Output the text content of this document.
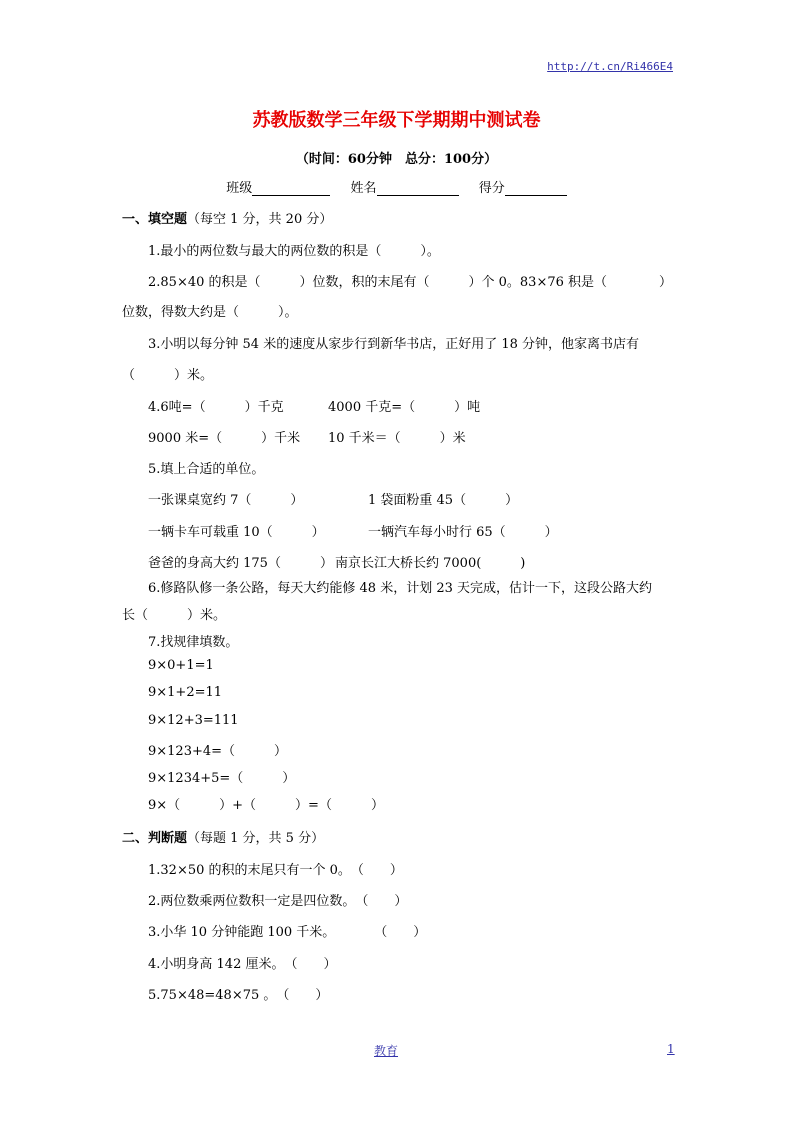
http://t.cn/Ri466E4
苏教版数学三年级下学期期中测试卷
（时间：60分钟　总分：100分）
班级	姓名	得分
一、填空题（每空 1 分，共 20 分）
1.最小的两位数与最大的两位数的积是（　　　）。
2.85×40 的积是（　　　）位数，积的末尾有（　　　）个 0。83×76 积是（　　　　）
位数，得数大约是（　　　）。
3.小明以每分钟 54 米的速度从家步行到新华书店，正好用了 18 分钟，他家离书店有
（　　　）米。
4.6吨=（　　　）千克	4000 千克=（　　　）吨
9000 米=（　　　）千米 10 千米＝（　　　）米
5.填上合适的单位。
一张课桌宽约 7（　　　）	1 袋面粉重 45（　　　）
一辆卡车可载重 10（　　　）	一辆汽车每小时行 65（　　　）
爸爸的身高大约 175（　　　） 南京长江大桥长约 7000(　　　)
6.修路队修一条公路，每天大约能修 48 米，计划 23 天完成，估计一下，这段公路大约
长（　　　）米。
7.找规律填数。
9×0+1=1
9×1+2=11
9×12+3=111
9×123+4=（　　　）
9×1234+5=（　　　）
9×（　　　）+（　　　）=（　　　）
二、判断题（每题 1 分，共 5 分）
1.32×50 的积的末尾只有一个 0。　（　　）
2.两位数乘两位数积一定是四位数。　（　　）
3.小华 10 分钟能跑 100 千米。　　　　（　　）
4.小明身高 142 厘米。　（　　）
5.75×48=48×75 。　（　　）
教育	1
